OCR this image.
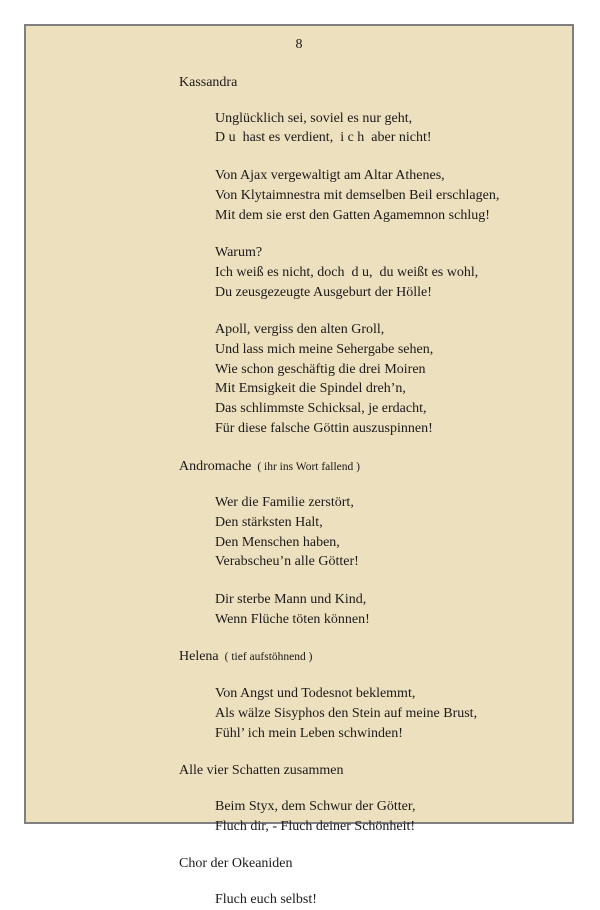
8

Kassandra

Unglücklich sei, soviel es nur geht,
D u  hast es verdient,  i c h  aber nicht!
Von Ajax vergewaltigt am Altar Athenes,
Von Klytaimnestra mit demselben Beil erschlagen,
Mit dem sie erst den Gatten Agamemnon schlug!
Warum?
Ich weiß es nicht, doch  d u,  du weißt es wohl,
Du zeusgezeugte Ausgeburt der Hölle!
Apoll, vergiss den alten Groll,
Und lass mich meine Sehergabe sehen,
Wie schon geschäftig die drei Moiren
Mit Emsigkeit die Spindel dreh’n,
Das schlimmste Schicksal, je erdacht,
Für diese falsche Göttin auszuspinnen!

Andromache ( ihr ins Wort fallend )

Wer die Familie zerstört,
Den stärksten Halt,
Den Menschen haben,
Verabscheu’n alle Götter!
Dir sterbe Mann und Kind,
Wenn Flüche töten können!

Helena ( tief aufstöhnend )

Von Angst und Todesnot beklemmt,
Als wälze Sisyphos den Stein auf meine Brust,
Fühl’ ich mein Leben schwinden!

Alle vier Schatten zusammen

Beim Styx, dem Schwur der Götter,
Fluch dir, - Fluch deiner Schönheit!

Chor der Okeaniden

Fluch euch selbst!
